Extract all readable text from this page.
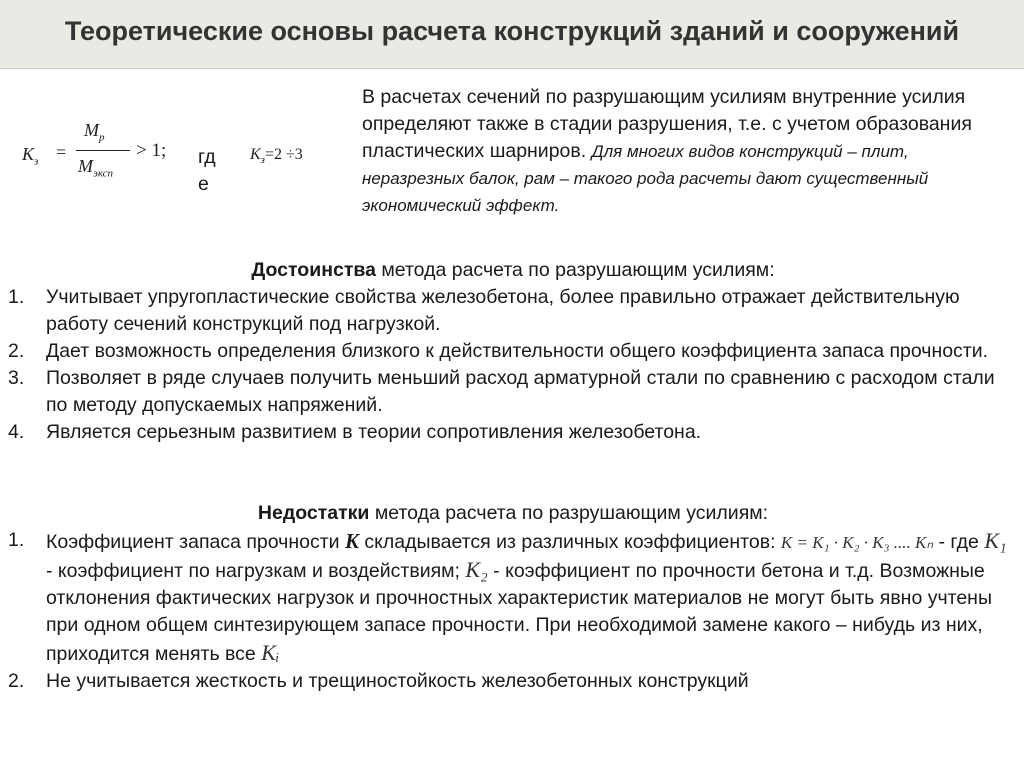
Теоретические основы расчета конструкций зданий и сооружений
$K_з$ =
$M_р$
$M_{эксп}$
> 1; гд
е
$K_з=2 \div 3$
В расчетах сечений по разрушающим усилиям внутренние усилия определяют также в стадии разрушения, т.е. с учетом образования пластических шарниров. Для многих видов конструкций – плит, неразрезных балок, рам – такого рода расчеты дают существенный экономический эффект.
Достоинства метода расчета по разрушающим усилиям:
1. Учитывает упругопластические свойства железобетона, более правильно отражает действительную работу сечений конструкций под нагрузкой.
2. Дает возможность определения близкого к действительности общего коэффициента запаса прочности.
3. Позволяет в ряде случаев получить меньший расход арматурной стали по сравнению с расходом стали по методу допускаемых напряжений.
4. Является серьезным развитием в теории сопротивления железобетона.
Недостатки метода расчета по разрушающим усилиям:
1. Коэффициент запаса прочности K складывается из различных коэффициентов: K = K₁ · K₂ · K₃ .... Kₙ - где K₁ - коэффициент по нагрузкам и воздействиям; K₂ - коэффициент по прочности бетона и т.д. Возможные отклонения фактических нагрузок и прочностных характеристик материалов не могут быть явно учтены при одном общем синтезирующем запасе прочности. При необходимой замене какого – нибудь из них, приходится менять все Kᵢ
2. Не учитывается жесткость и трещиностойкость железобетонных конструкций
